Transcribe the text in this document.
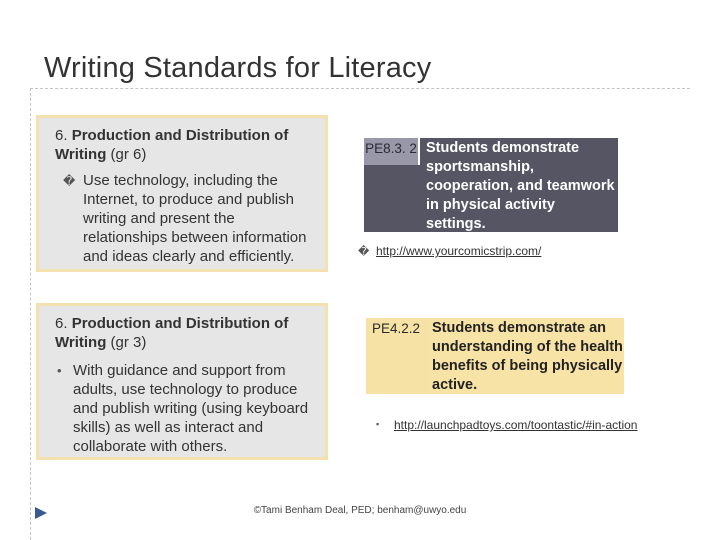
Writing Standards for Literacy

6. Production and Distribution of Writing (gr 6)

� Use technology, including the Internet, to produce and publish writing and present the relationships between information and ideas clearly and efficiently.

6. Production and Distribution of Writing (gr 3)

• With guidance and support from adults, use technology to produce and publish writing (using keyboard skills) as well as interact and collaborate with others.
PE8.3. 2 Students demonstrate sportsmanship, cooperation, and teamwork in physical activity settings.
� http://www.yourcomicstrip.com/
PE4.2.2 Students demonstrate an understanding of the health benefits of being physically active.
▪ http://launchpadtoys.com/toontastic/#in-action
©Tami Benham Deal, PED; benham@uwyo.edu
